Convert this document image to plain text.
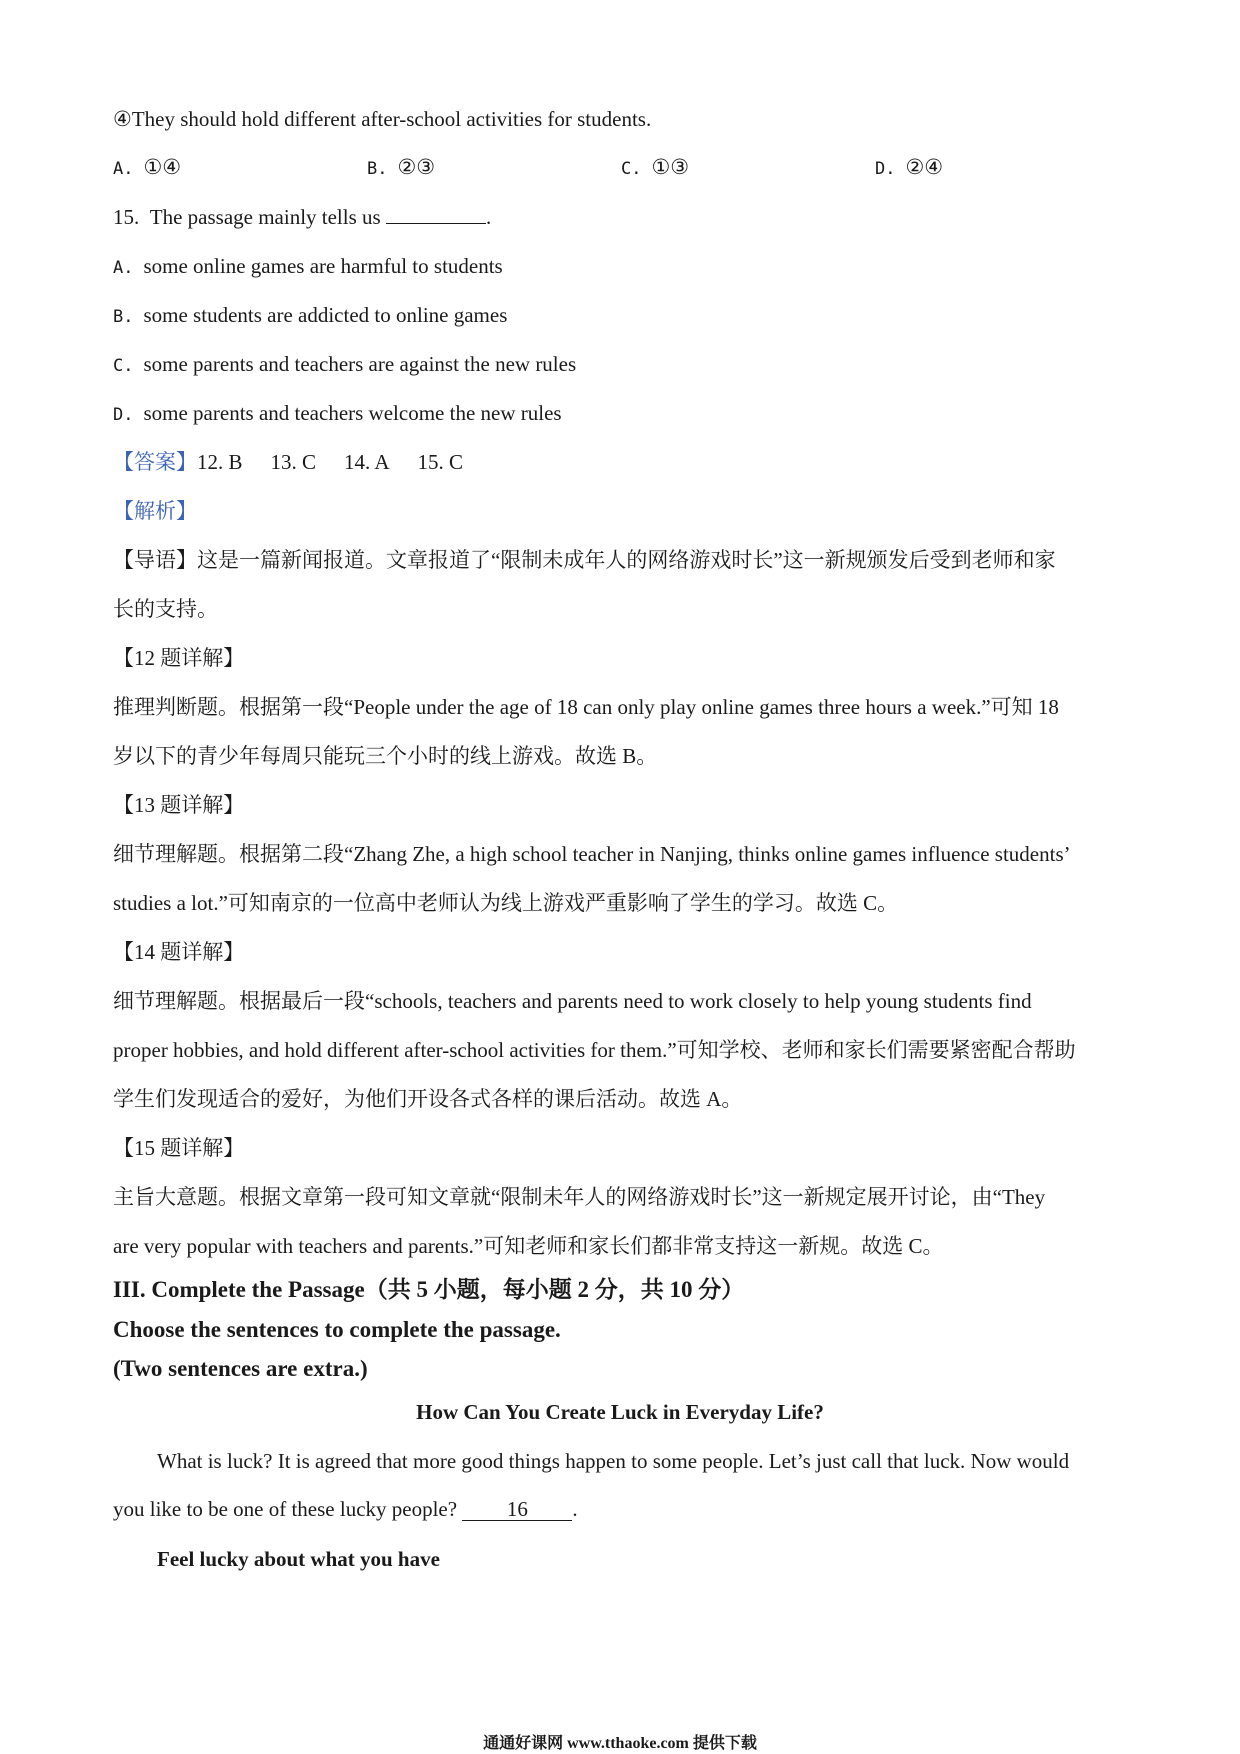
④They should hold different after-school activities for students.
A. ①④	B. ②③	C. ①③	D. ②④
15. The passage mainly tells us	.
A. some online games are harmful to students
B. some students are addicted to online games
C. some parents and teachers are against the new rules
D. some parents and teachers welcome the new rules
【答案】12. B 13. C 14. A 15. C
【解析】
【导语】这是一篇新闻报道。文章报道了“限制未成年人的网络游戏时长”这一新规颁发后受到老师和家
长的支持。
【12 题详解】
推理判断题。根据第一段“People under the age of 18 can only play online games three hours a week.”可知 18
岁以下的青少年每周只能玩三个小时的线上游戏。故选 B。
【13 题详解】
细节理解题。根据第二段“Zhang Zhe, a high school teacher in Nanjing, thinks online games influence students’
studies a lot.”可知南京的一位高中老师认为线上游戏严重影响了学生的学习。故选 C。
【14 题详解】
细节理解题。根据最后一段“schools, teachers and parents need to work closely to help young students find
proper hobbies, and hold different after-school activities for them.”可知学校、老师和家长们需要紧密配合帮助
学生们发现适合的爱好，为他们开设各式各样的课后活动。故选 A。
【15 题详解】
主旨大意题。根据文章第一段可知文章就“限制未年人的网络游戏时长”这一新规定展开讨论，由“They
are very popular with teachers and parents.”可知老师和家长们都非常支持这一新规。故选 C。
III. Complete the Passage（共 5 小题，每小题 2 分，共 10 分）
Choose the sentences to complete the passage.
(Two sentences are extra.)
How Can You Create Luck in Everyday Life?
What is luck? It is agreed that more good things happen to some people. Let’s just call that luck. Now would
you like to be one of these lucky people? 16 .
Feel lucky about what you have
通通好课网 www.tthaoke.com 提供下载
